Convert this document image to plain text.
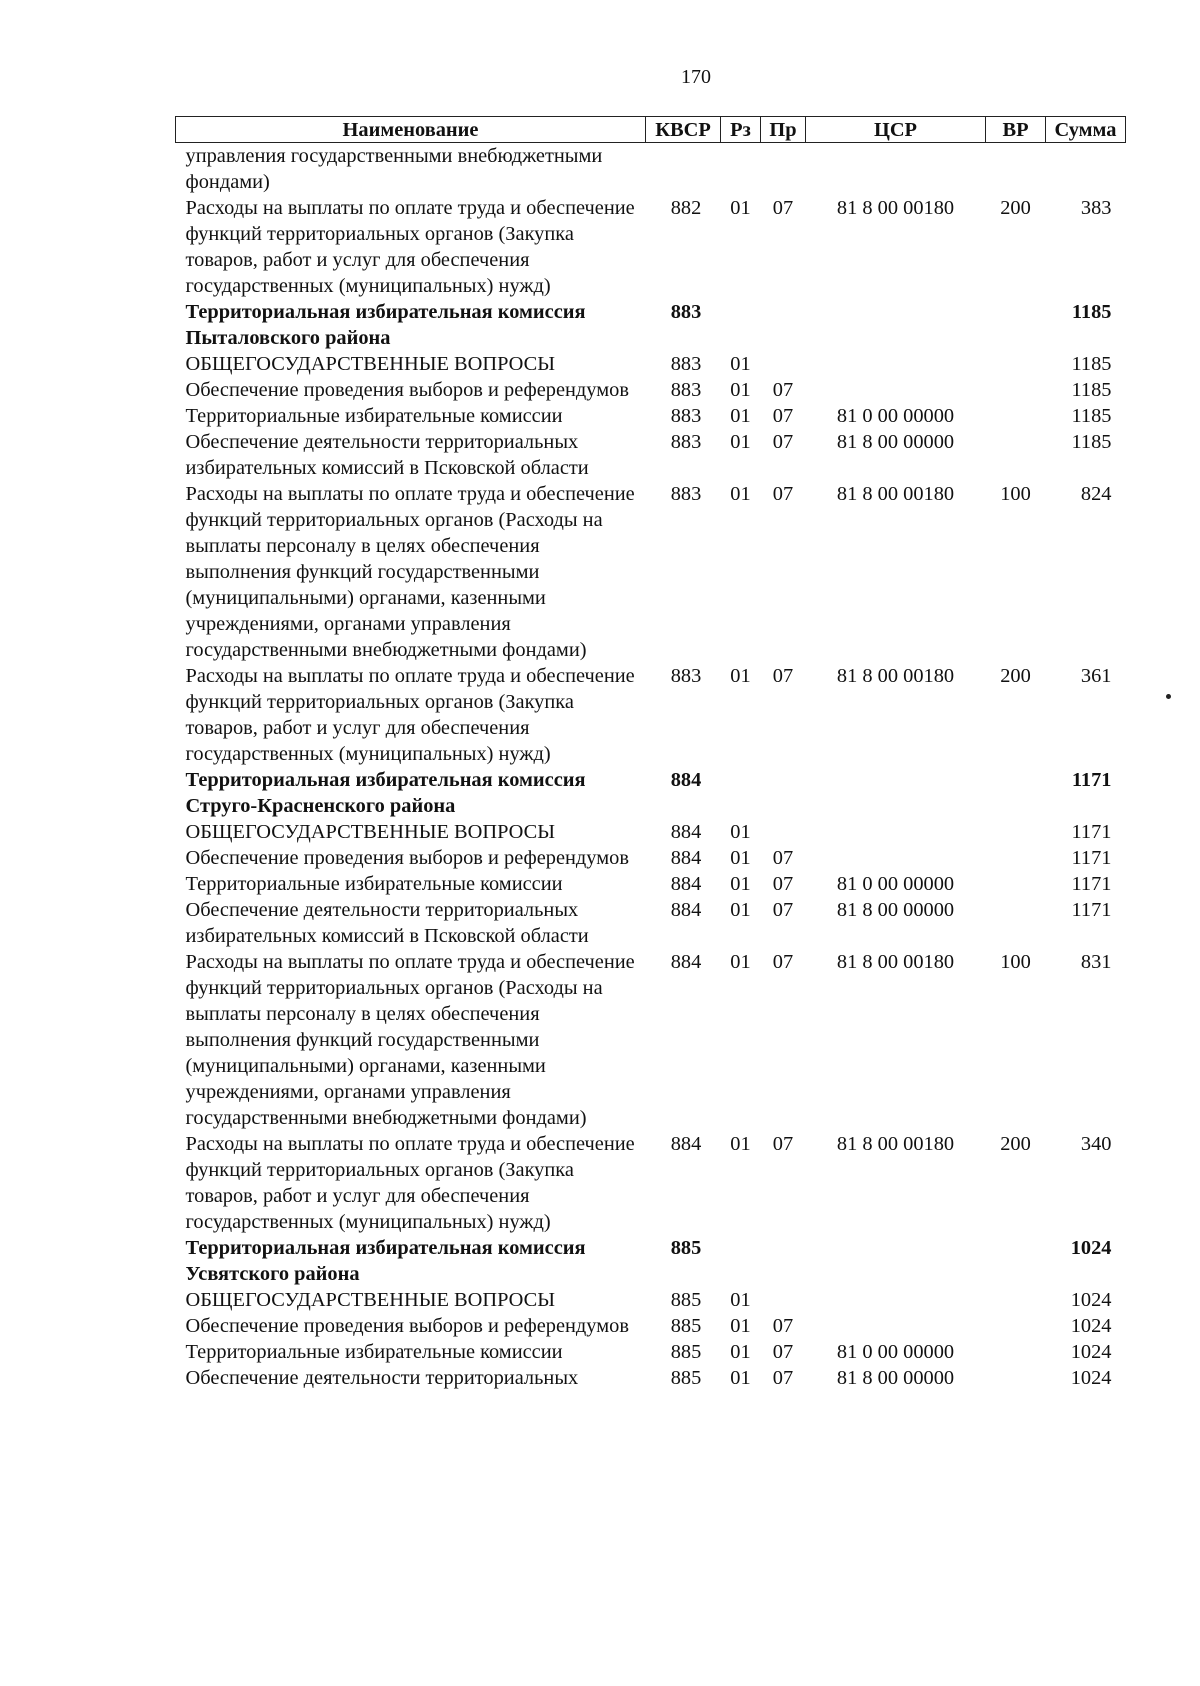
170
Наименование	КВСР	Рз	Пр	ЦСР	ВР	Сумма
управления государственными внебюджетными фондами)						
Расходы на выплаты по оплате труда и обеспечение функций территориальных органов (Закупка товаров, работ и услуг для обеспечения государственных (муниципальных) нужд)	882	01	07	81 8 00 00180	200	383
Территориальная избирательная комиссия Пыталовского района	883					1185
ОБЩЕГОСУДАРСТВЕННЫЕ ВОПРОСЫ	883	01				1185
Обеспечение проведения выборов и референдумов	883	01	07			1185
Территориальные избирательные комиссии	883	01	07	81 0 00 00000		1185
Обеспечение деятельности территориальных избирательных комиссий в Псковской области	883	01	07	81 8 00 00000		1185
Расходы на выплаты по оплате труда и обеспечение функций территориальных органов (Расходы на выплаты персоналу в целях обеспечения выполнения функций государственными (муниципальными) органами, казенными учреждениями, органами управления государственными внебюджетными фондами)	883	01	07	81 8 00 00180	100	824
Расходы на выплаты по оплате труда и обеспечение функций территориальных органов (Закупка товаров, работ и услуг для обеспечения государственных (муниципальных) нужд)	883	01	07	81 8 00 00180	200	361
Территориальная избирательная комиссия Струго-Красненского района	884					1171
ОБЩЕГОСУДАРСТВЕННЫЕ ВОПРОСЫ	884	01				1171
Обеспечение проведения выборов и референдумов	884	01	07			1171
Территориальные избирательные комиссии	884	01	07	81 0 00 00000		1171
Обеспечение деятельности территориальных избирательных комиссий в Псковской области	884	01	07	81 8 00 00000		1171
Расходы на выплаты по оплате труда и обеспечение функций территориальных органов (Расходы на выплаты персоналу в целях обеспечения выполнения функций государственными (муниципальными) органами, казенными учреждениями, органами управления государственными внебюджетными фондами)	884	01	07	81 8 00 00180	100	831
Расходы на выплаты по оплате труда и обеспечение функций территориальных органов (Закупка товаров, работ и услуг для обеспечения государственных (муниципальных) нужд)	884	01	07	81 8 00 00180	200	340
Территориальная избирательная комиссия Усвятского района	885					1024
ОБЩЕГОСУДАРСТВЕННЫЕ ВОПРОСЫ	885	01				1024
Обеспечение проведения выборов и референдумов	885	01	07			1024
Территориальные избирательные комиссии	885	01	07	81 0 00 00000		1024
Обеспечение деятельности территориальных	885	01	07	81 8 00 00000		1024
